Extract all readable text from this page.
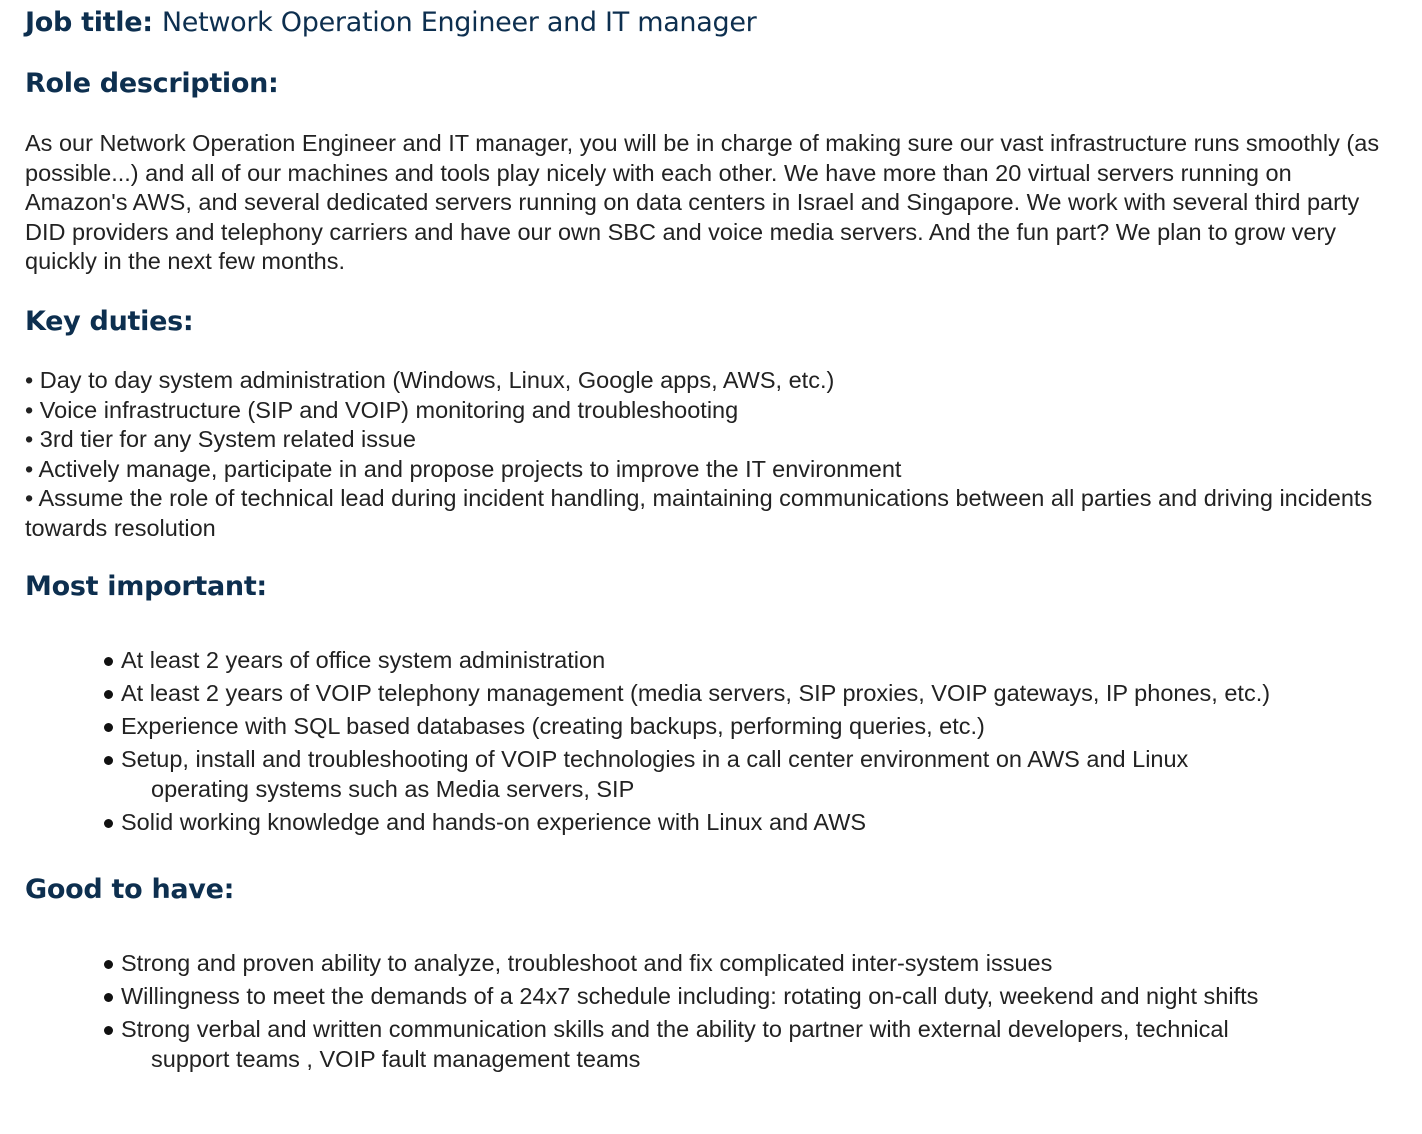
Job title: Network Operation Engineer and IT manager
Role description:

As our Network Operation Engineer and IT manager, you will be in charge of making sure our vast infrastructure runs smoothly (as possible...) and all of our machines and tools play nicely with each other. We have more than 20 virtual servers running on Amazon's AWS, and several dedicated servers running on data centers in Israel and Singapore. We work with several third party DID providers and telephony carriers and have our own SBC and voice media servers. And the fun part? We plan to grow very quickly in the next few months.

Key duties:
• Day to day system administration (Windows, Linux, Google apps, AWS, etc.)
• Voice infrastructure (SIP and VOIP) monitoring and troubleshooting
• 3rd tier for any System related issue
• Actively manage, participate in and propose projects to improve the IT environment
• Assume the role of technical lead during incident handling, maintaining communications between all parties and driving incidents towards resolution
Most important:
At least 2 years of office system administration
At least 2 years of VOIP telephony management (media servers, SIP proxies, VOIP gateways, IP phones, etc.)
Experience with SQL based databases (creating backups, performing queries, etc.)
Setup, install and troubleshooting of VOIP technologies in a call center environment on AWS and Linux
operating systems such as Media servers, SIP
Solid working knowledge and hands-on experience with Linux and AWS
Good to have:
Strong and proven ability to analyze, troubleshoot and fix complicated inter-system issues
Willingness to meet the demands of a 24x7 schedule including: rotating on-call duty, weekend and night shifts
Strong verbal and written communication skills and the ability to partner with external developers, technical
support teams , VOIP fault management teams
